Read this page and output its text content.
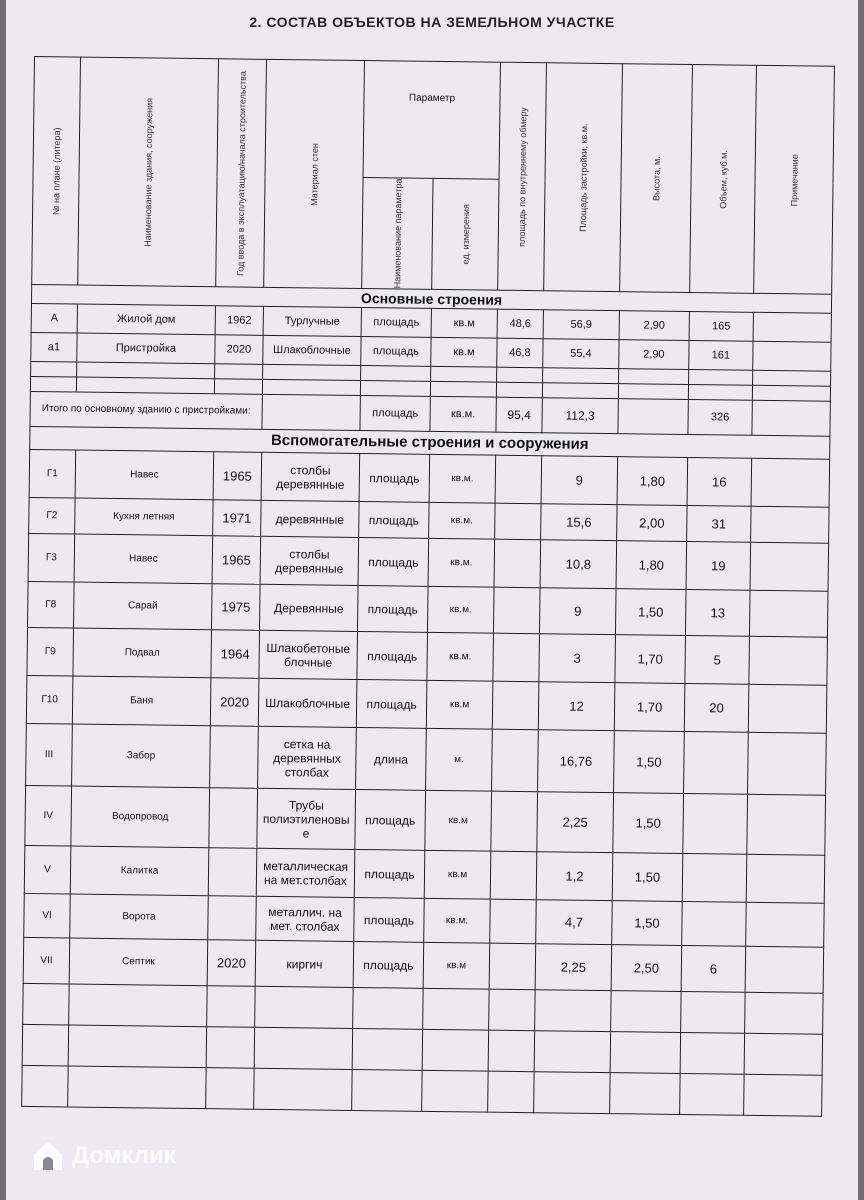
2. СОСТАВ ОБЪЕКТОВ НА ЗЕМЕЛЬНОМ УЧАСТКЕ
№ на плане (литера)	Наименование здания, сооружения	Год ввода в эксплуатацию/начала строительства	Материал стен	Параметр		площадь по внутреннему обмеру	Площадь застройки, кв.м.	Высота, м.	Объем, куб.м.	Примечание

				Наименование параметра	ед. измерения					

Основные строения										
А	Жилой дом	1962	Турлучные	площадь	кв.м	48,6	56,9	2,90	165	
а1	Пристройка	2020	Шлакоблочные	площадь	кв.м	46,8	55,4	2,90	161	

Итого по основному зданию с пристройками:				площадь	кв.м.	95,4	112,3		326	
Вспомогательные строения и сооружения										
Г1	Навес	1965	столбы деревянные	площадь	кв.м.		9	1,80	16	
Г2	Кухня летняя	1971	деревянные	площадь	кв.м.		15,6	2,00	31	
Г3	Навес	1965	столбы деревянные	площадь	кв.м.		10,8	1,80	19	
Г8	Сарай	1975	Деревянные	площадь	кв.м.		9	1,50	13	
Г9	Подвал	1964	Шлакобетоные блочные	площадь	кв.м.		3	1,70	5	
Г10	Баня	2020	Шлакоблочные	площадь	кв.м		12	1,70	20	
III	Забор		сетка на деревянных столбах	длина	м.		16,76	1,50		
IV	Водопровод		Трубы полиэтиленовы е	площадь	кв.м		2,25	1,50		
V	Калитка		металлическая на мет.столбах	площадь	кв.м		1,2	1,50		
VI	Ворота		металлич. на мет. столбах	площадь	кв.м.		4,7	1,50		
VII	Септик	2020	киргич	площадь	кв.м		2,25	2,50	6	

Домклик
